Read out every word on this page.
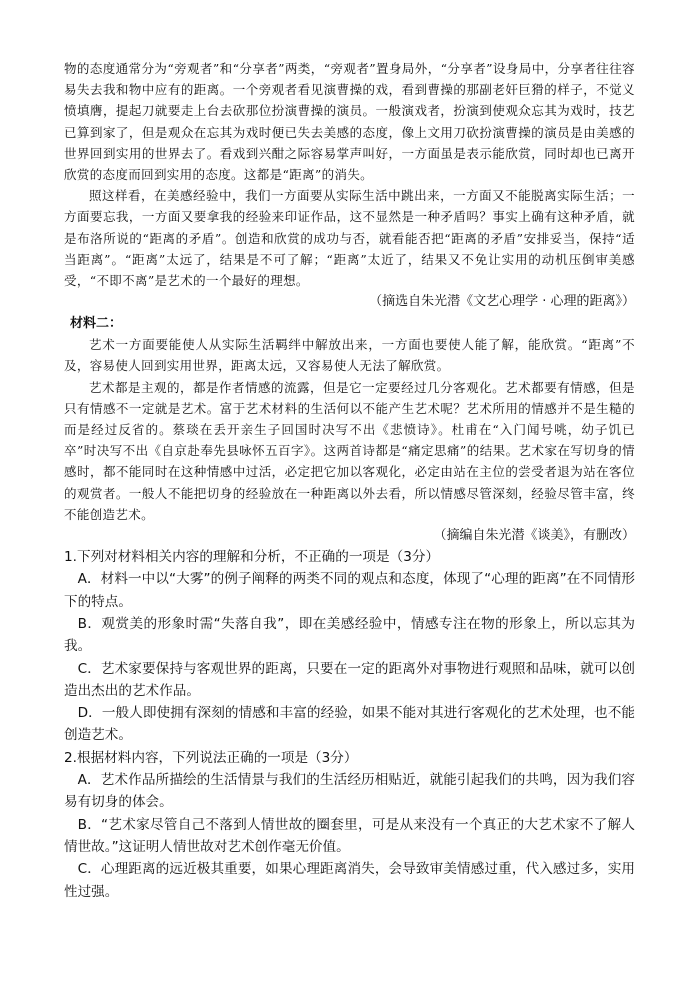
物的态度通常分为“旁观者”和“分享者”两类，“旁观者”置身局外，“分享者”设身局中，分享者往往容易失去我和物中应有的距离。一个旁观者看见演曹操的戏，看到曹操的那副老奸巨猾的样子，不觉义愤填膺，提起刀就要走上台去砍那位扮演曹操的演员。一般演戏者，扮演到使观众忘其为戏时，技艺已算到家了，但是观众在忘其为戏时便已失去美感的态度，像上文用刀砍扮演曹操的演员是由美感的世界回到实用的世界去了。看戏到兴酣之际容易掌声叫好，一方面虽是表示能欣赏，同时却也已离开欣赏的态度而回到实用的态度。这都是“距离”的消失。

照这样看，在美感经验中，我们一方面要从实际生活中跳出来，一方面又不能脱离实际生活；一方面要忘我，一方面又要拿我的经验来印证作品，这不显然是一种矛盾吗？事实上确有这种矛盾，就是布洛所说的“距离的矛盾”。创造和欣赏的成功与否，就看能否把“距离的矛盾”安排妥当，保持“适当距离”。“距离”太远了，结果是不可了解；“距离”太近了，结果又不免让实用的动机压倒审美感受，“不即不离”是艺术的一个最好的理想。

（摘选自朱光潜《文艺心理学 · 心理的距离》）

材料二：

艺术一方面要能使人从实际生活羁绊中解放出来，一方面也要使人能了解，能欣赏。“距离”不及，容易使人回到实用世界，距离太远，又容易使人无法了解欣赏。

艺术都是主观的，都是作者情感的流露，但是它一定要经过几分客观化。艺术都要有情感，但是只有情感不一定就是艺术。富于艺术材料的生活何以不能产生艺术呢？艺术所用的情感并不是生糙的而是经过反省的。蔡琰在丢开亲生子回国时决写不出《悲愤诗》。杜甫在“入门闻号咷，幼子饥已卒”时决写不出《自京赴奉先县咏怀五百字》。这两首诗都是“痛定思痛”的结果。艺术家在写切身的情感时，都不能同时在这种情感中过活，必定把它加以客观化，必定由站在主位的尝受者退为站在客位的观赏者。一般人不能把切身的经验放在一种距离以外去看，所以情感尽管深刻，经验尽管丰富，终不能创造艺术。

（摘编自朱光潜《谈美》，有删改）

1.下列对材料相关内容的理解和分析，不正确的一项是（3分）

A．材料一中以“大雾”的例子阐释的两类不同的观点和态度，体现了“心理的距离”在不同情形下的特点。

B．观赏美的形象时需“失落自我”，即在美感经验中，情感专注在物的形象上，所以忘其为我。

C．艺术家要保持与客观世界的距离，只要在一定的距离外对事物进行观照和品味，就可以创造出杰出的艺术作品。

D．一般人即使拥有深刻的情感和丰富的经验，如果不能对其进行客观化的艺术处理，也不能创造艺术。

2.根据材料内容，下列说法正确的一项是（3分）

A．艺术作品所描绘的生活情景与我们的生活经历相贴近，就能引起我们的共鸣，因为我们容易有切身的体会。

B．“艺术家尽管自己不落到人情世故的圈套里，可是从来没有一个真正的大艺术家不了解人情世故。”这证明人情世故对艺术创作毫无价值。

C．心理距离的远近极其重要，如果心理距离消失，会导致审美情感过重，代入感过多，实用性过强。
